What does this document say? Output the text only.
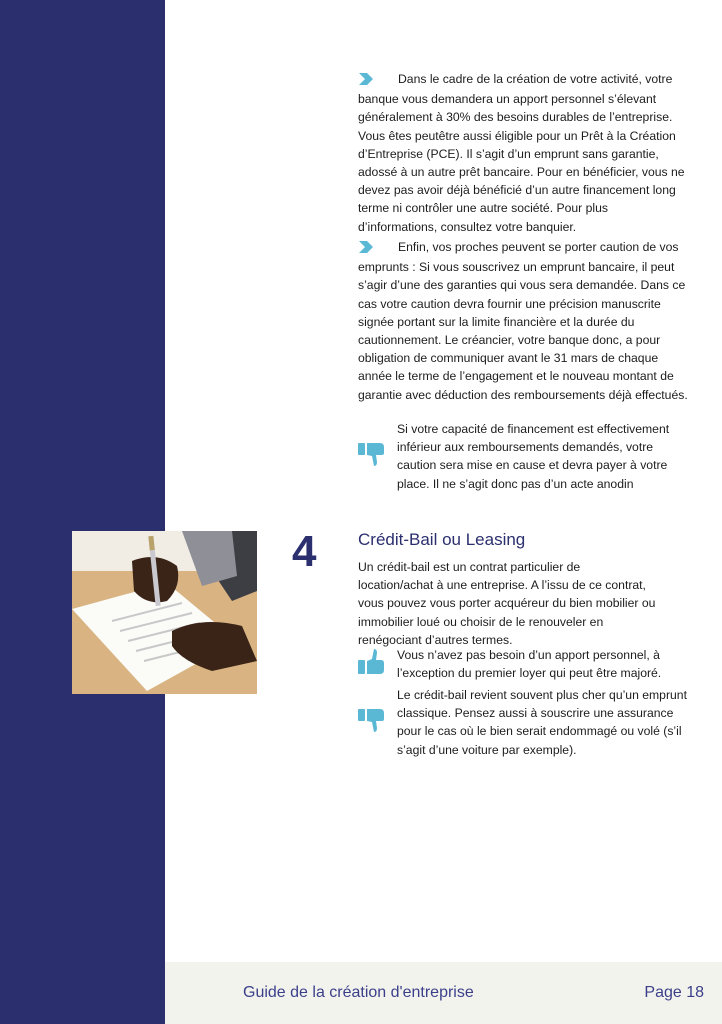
Dans le cadre de la création de votre activité, votre banque vous demandera un apport personnel s’élevant généralement à 30% des besoins durables de l’entreprise. Vous êtes peutêtre aussi éligible pour un Prêt à la Création d’Entreprise (PCE). Il s’agit d’un emprunt sans garantie, adossé à un autre prêt bancaire. Pour en bénéficier, vous ne devez pas avoir déjà bénéficié d’un autre financement long terme ni contrôler une autre société. Pour plus d’informations, consultez votre banquier.
Enfin, vos proches peuvent se porter caution de vos emprunts : Si vous souscrivez un emprunt bancaire, il peut s’agir d’une des garanties qui vous sera demandée. Dans ce cas votre caution devra fournir une précision manuscrite signée portant sur la limite financière et la durée du cautionnement. Le créancier, votre banque donc, a pour obligation de communiquer avant le 31 mars de chaque année le terme de l’engagement et le nouveau montant de garantie avec déduction des remboursements déjà effectués.
Si votre capacité de financement est effectivement inférieur aux remboursements demandés, votre caution sera mise en cause et devra payer à votre place. Il ne s’agit donc pas d’un acte anodin
4 Crédit-Bail ou Leasing
Un crédit-bail est un contrat particulier de location/achat à une entreprise. A l’issu de ce contrat, vous pouvez vous porter acquéreur du bien mobilier ou immobilier loué ou choisir de le renouveler en renégociant d’autres termes.
Vous n’avez pas besoin d’un apport personnel, à l’exception du premier loyer qui peut être majoré.
Le crédit-bail revient souvent plus cher qu’un emprunt classique. Pensez aussi à souscrire une assurance pour le cas où le bien serait endommagé ou volé (s’il s’agit d’une voiture par exemple).
Guide de la création d'entreprise	Page 18
